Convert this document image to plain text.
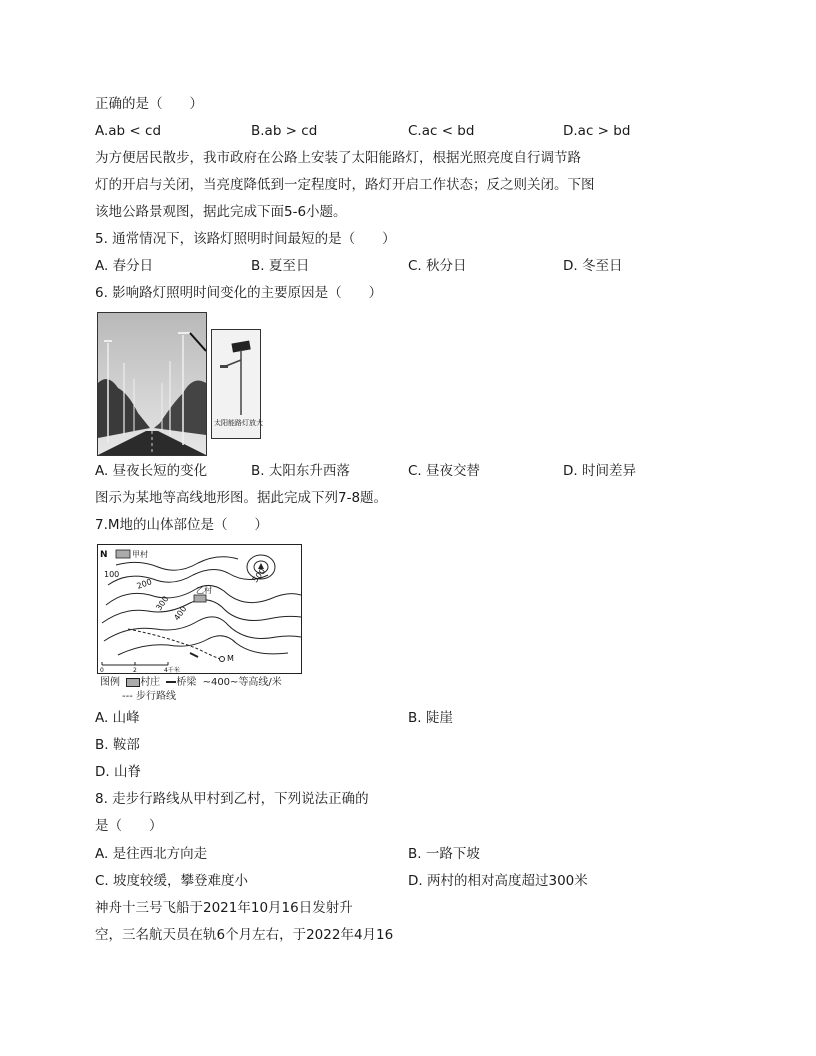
正确的是（　　）
A.ab < cd	B.ab > cd	C.ac < bd	D.ac > bd
为方便居民散步，我市政府在公路上安装了太阳能路灯，根据光照亮度自行调节路
灯的开启与关闭，当亮度降低到一定程度时，路灯开启工作状态；反之则关闭。下图
该地公路景观图，据此完成下面5-6小题。
5. 通常情况下，该路灯照明时间最短的是（　　）
A. 春分日	B. 夏至日	C. 秋分日	D. 冬至日
6. 影响路灯照明时间变化的主要原因是（　　）
太阳能路灯放大
A. 昼夜长短的变化	B. 太阳东升西落	C. 昼夜交替	D. 时间差异
图示为某地等高线地形图。据此完成下列7-8题。
7.M地的山体部位是（　　）
N	甲村
100
200
300
400
乙村
500
M
0	2	4千米
图例 村庄 桥梁 ~400~等高线/米
--- 步行路线
A. 山峰	B. 陡崖
B. 鞍部
D. 山脊
8. 走步行路线从甲村到乙村，下列说法正确的
是（　　）
A. 是往西北方向走	B. 一路下坡
C. 坡度较缓，攀登难度小	D. 两村的相对高度超过300米
神舟十三号飞船于2021年10月16日发射升
空，三名航天员在轨6个月左右，于2022年4月16
